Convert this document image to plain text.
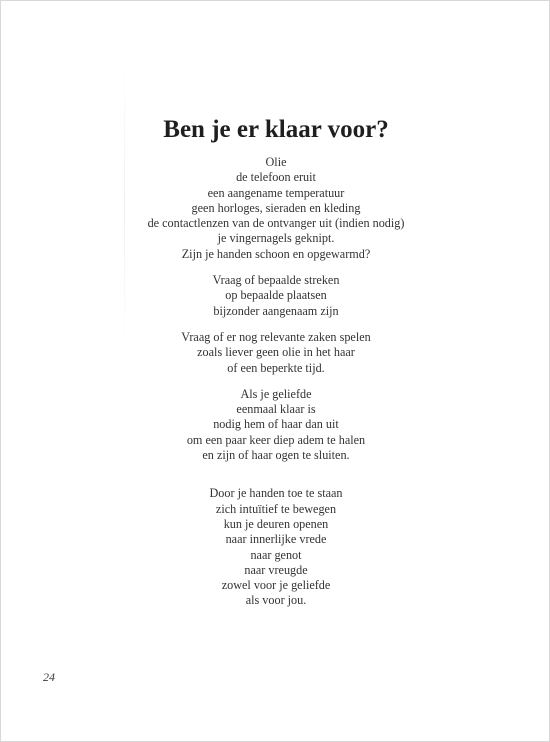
Ben je er klaar voor?
Olie
de telefoon eruit
een aangename temperatuur
geen horloges, sieraden en kleding
de contactlenzen van de ontvanger uit (indien nodig)
je vingernagels geknipt.
Zijn je handen schoon en opgewarmd?
Vraag of bepaalde streken
op bepaalde plaatsen
bijzonder aangenaam zijn
Vraag of er nog relevante zaken spelen
zoals liever geen olie in het haar
of een beperkte tijd.
Als je geliefde
eenmaal klaar is
nodig hem of haar dan uit
om een paar keer diep adem te halen
en zijn of haar ogen te sluiten.
Door je handen toe te staan
zich intuïtief te bewegen
kun je deuren openen
naar innerlijke vrede
naar genot
naar vreugde
zowel voor je geliefde
als voor jou.
24
